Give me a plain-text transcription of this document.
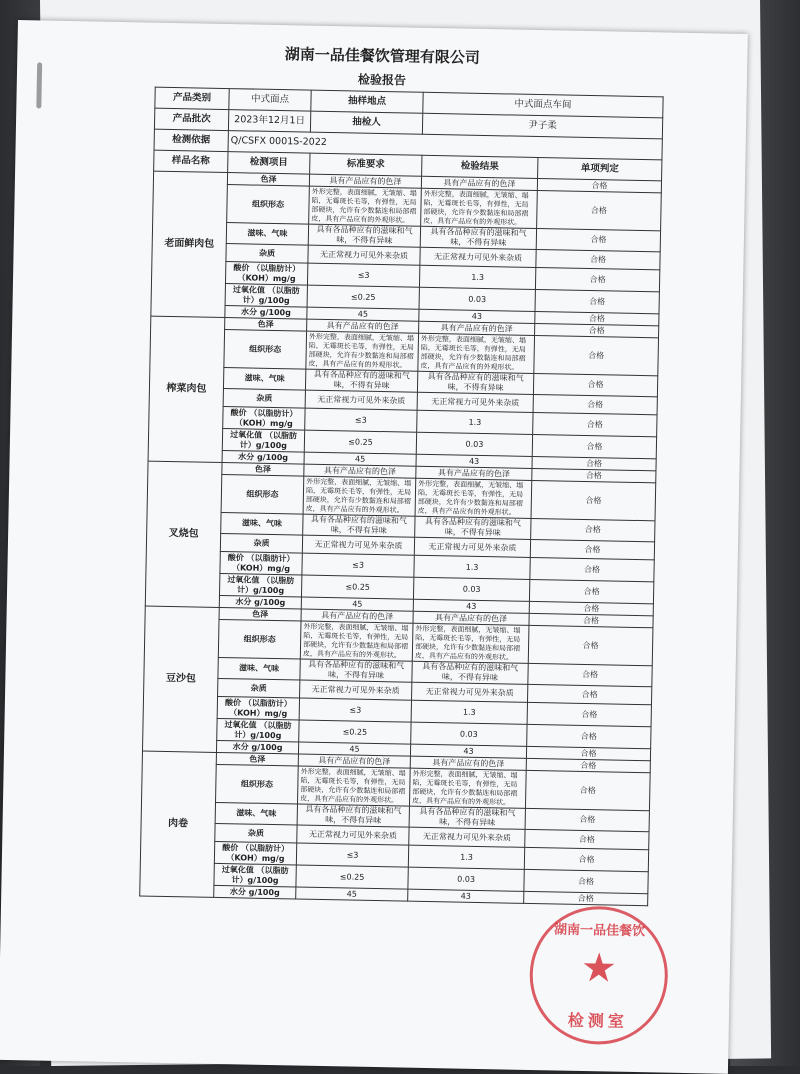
湖南一品佳餐饮管理有限公司
检验报告
产品类别	中式面点	抽样地点	中式面点车间	
产品批次	2023年12月1日	抽检人	尹子柔	
检测依据	Q/CSFX 0001S-2022			
样品名称	检测项目	标准要求	检验结果	单项判定
老面鲜肉包	色泽	具有产品应有的色泽	具有产品应有的色泽	合格
	组织形态	外形完整，表面细腻，无皱缩、塌陷，无霉斑长毛等，有弹性，无局部硬块，允许有少数黏连和局部褶皮，具有产品应有的外观形状。	外形完整，表面细腻，无皱缩、塌陷，无霉斑长毛等，有弹性，无局部硬块，允许有少数黏连和局部褶皮，具有产品应有的外观形状。	合格
	滋味、气味	具有各品种应有的滋味和气味，不得有异味	具有各品种应有的滋味和气味，不得有异味	合格
	杂质	无正常视力可见外来杂质	无正常视力可见外来杂质	合格
	酸价 （以脂肪计）（KOH）mg/g	≤3	1.3	合格
	过氧化值 （以脂肪计）g/100g	≤0.25	0.03	合格
	水分 g/100g	45	43	合格
榨菜肉包	色泽	具有产品应有的色泽	具有产品应有的色泽	合格
	组织形态	外形完整，表面细腻，无皱缩、塌陷，无霉斑长毛等，有弹性，无局部硬块，允许有少数黏连和局部褶皮，具有产品应有的外观形状。	外形完整，表面细腻，无皱缩、塌陷，无霉斑长毛等，有弹性，无局部硬块，允许有少数黏连和局部褶皮，具有产品应有的外观形状。	合格
	滋味、气味	具有各品种应有的滋味和气味，不得有异味	具有各品种应有的滋味和气味，不得有异味	合格
	杂质	无正常视力可见外来杂质	无正常视力可见外来杂质	合格
	酸价 （以脂肪计）（KOH）mg/g	≤3	1.3	合格
	过氧化值 （以脂肪计）g/100g	≤0.25	0.03	合格
	水分 g/100g	45	43	合格
叉烧包	色泽	具有产品应有的色泽	具有产品应有的色泽	合格
	组织形态	外形完整，表面细腻，无皱缩、塌陷，无霉斑长毛等，有弹性，无局部硬块，允许有少数黏连和局部褶皮，具有产品应有的外观形状。	外形完整，表面细腻，无皱缩、塌陷，无霉斑长毛等，有弹性，无局部硬块，允许有少数黏连和局部褶皮，具有产品应有的外观形状。	合格
	滋味、气味	具有各品种应有的滋味和气味，不得有异味	具有各品种应有的滋味和气味，不得有异味	合格
	杂质	无正常视力可见外来杂质	无正常视力可见外来杂质	合格
	酸价 （以脂肪计）（KOH）mg/g	≤3	1.3	合格
	过氧化值 （以脂肪计）g/100g	≤0.25	0.03	合格
	水分 g/100g	45	43	合格
豆沙包	色泽	具有产品应有的色泽	具有产品应有的色泽	合格
	组织形态	外形完整，表面细腻，无皱缩、塌陷，无霉斑长毛等，有弹性，无局部硬块，允许有少数黏连和局部褶皮，具有产品应有的外观形状。	外形完整，表面细腻，无皱缩、塌陷，无霉斑长毛等，有弹性，无局部硬块，允许有少数黏连和局部褶皮，具有产品应有的外观形状。	合格
	滋味、气味	具有各品种应有的滋味和气味，不得有异味	具有各品种应有的滋味和气味，不得有异味	合格
	杂质	无正常视力可见外来杂质	无正常视力可见外来杂质	合格
	酸价 （以脂肪计）（KOH）mg/g	≤3	1.3	合格
	过氧化值 （以脂肪计）g/100g	≤0.25	0.03	合格
	水分 g/100g	45	43	合格
肉卷	色泽	具有产品应有的色泽	具有产品应有的色泽	合格
	组织形态	外形完整，表面细腻，无皱缩、塌陷，无霉斑长毛等，有弹性，无局部硬块，允许有少数黏连和局部褶皮，具有产品应有的外观形状。	外形完整，表面细腻，无皱缩、塌陷，无霉斑长毛等，有弹性，无局部硬块，允许有少数黏连和局部褶皮，具有产品应有的外观形状。	合格
	滋味、气味	具有各品种应有的滋味和气味，不得有异味	具有各品种应有的滋味和气味，不得有异味	合格
	杂质	无正常视力可见外来杂质	无正常视力可见外来杂质	合格
	酸价 （以脂肪计）（KOH）mg/g	≤3	1.3	合格
	过氧化值 （以脂肪计）g/100g	≤0.25	0.03	合格
	水分 g/100g	45	43	合格
湖南一品佳餐饮
★
检测室
